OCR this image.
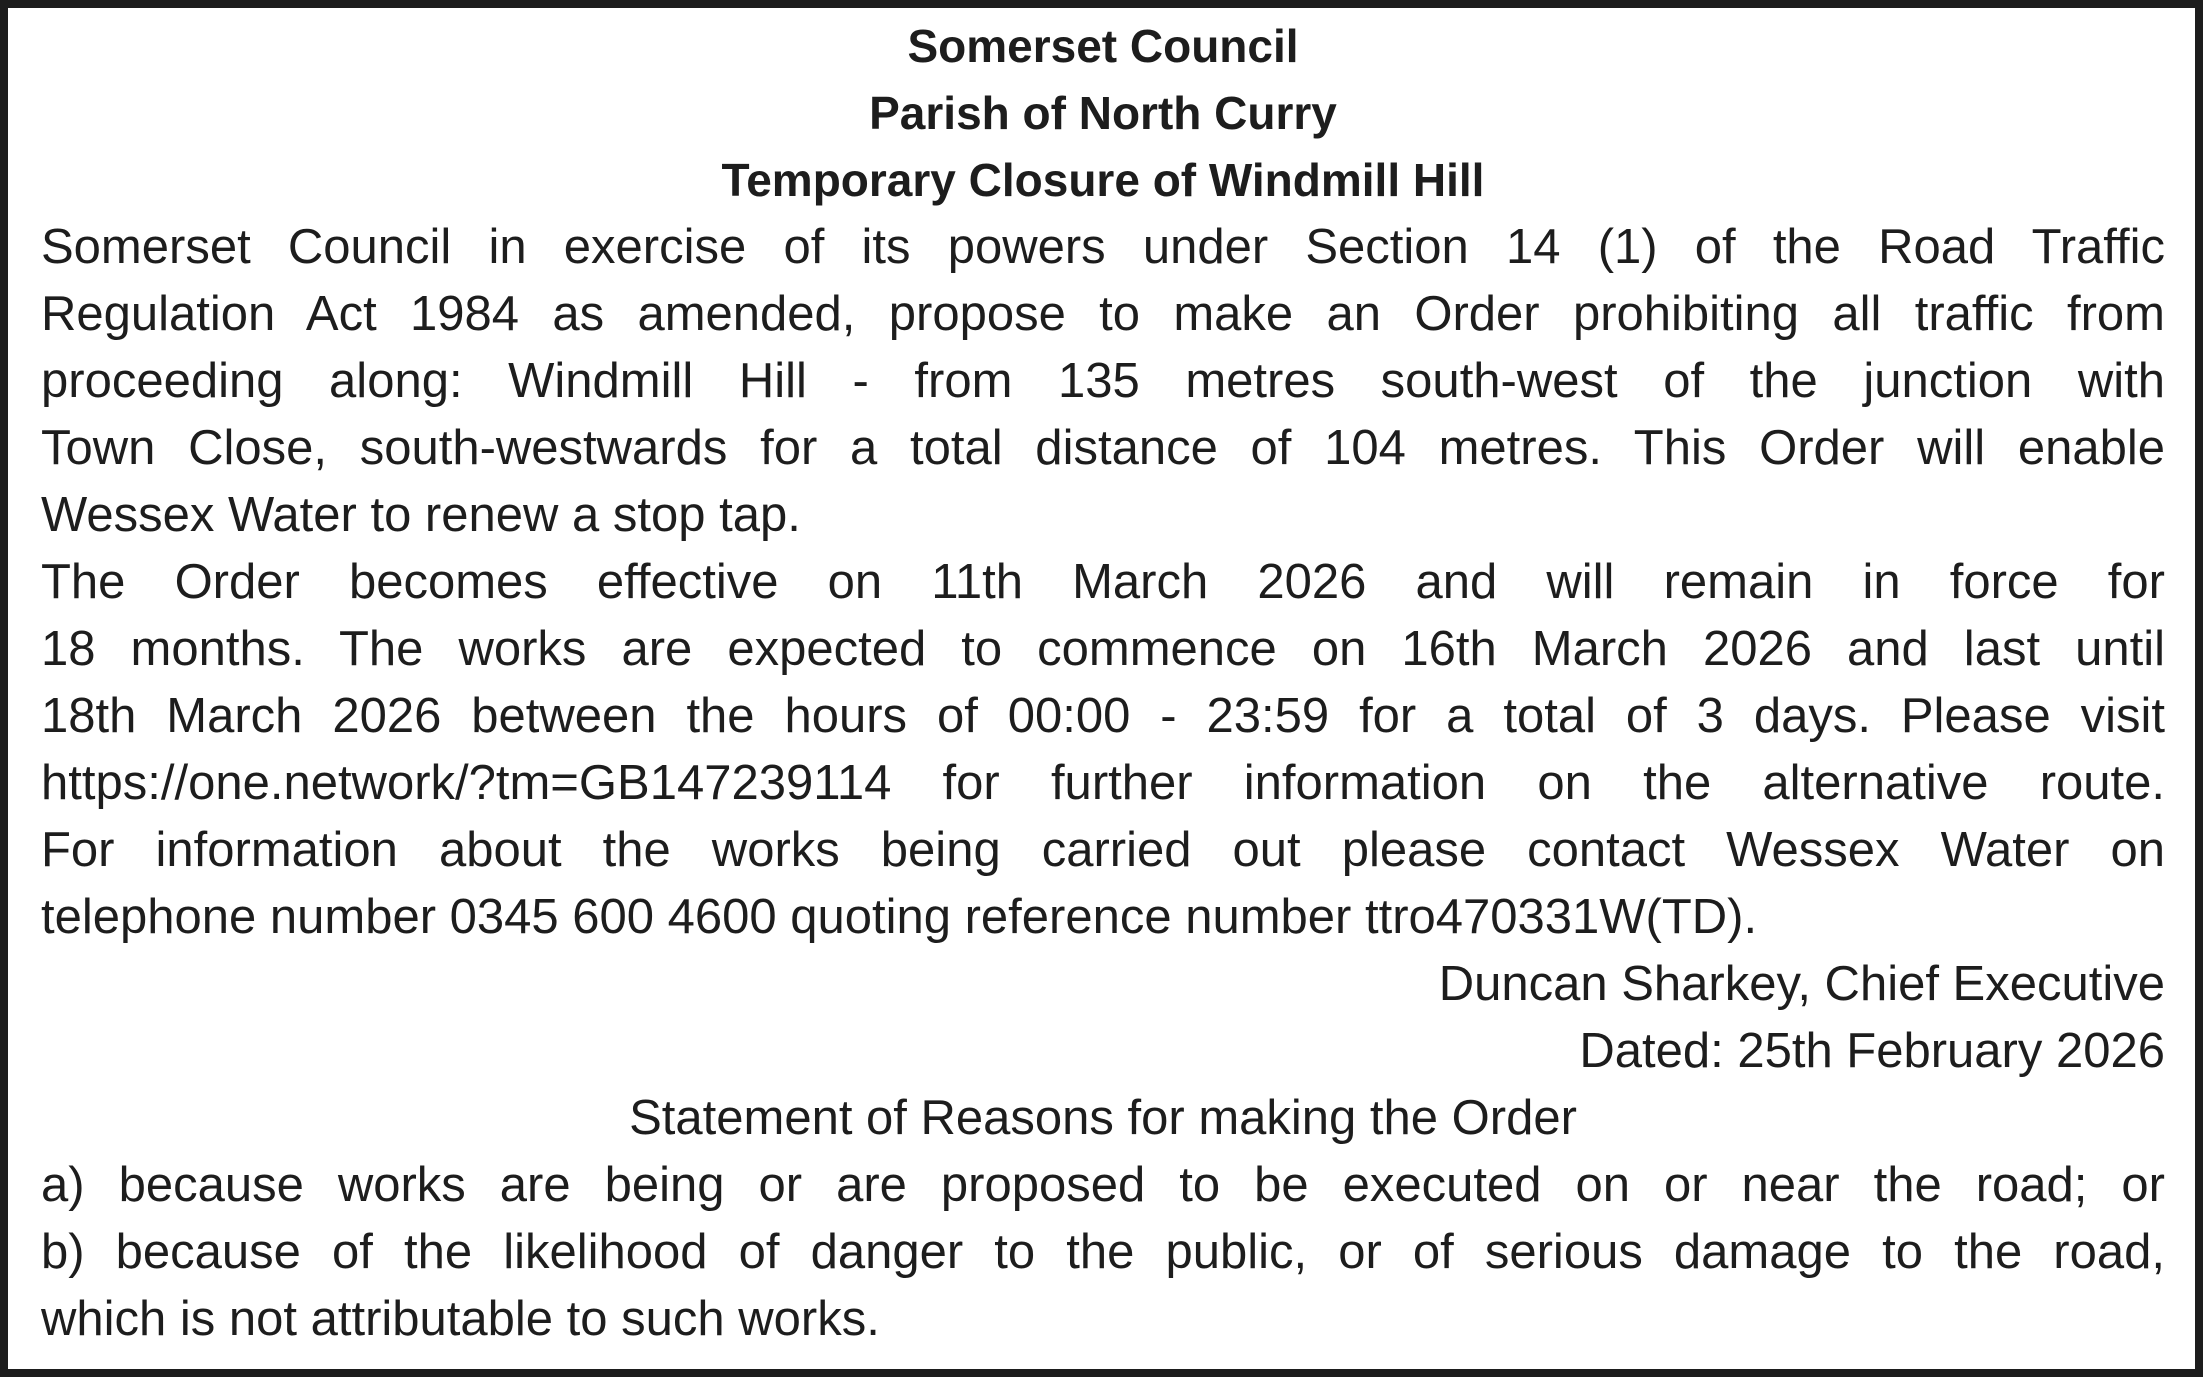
Somerset Council
Parish of North Curry
Temporary Closure of Windmill Hill
Somerset Council in exercise of its powers under Section 14 (1) of the Road Traffic
Regulation Act 1984 as amended, propose to make an Order prohibiting all traffic from
proceeding along: Windmill Hill - from 135 metres south-west of the junction with
Town Close, south-westwards for a total distance of 104 metres. This Order will enable
Wessex Water to renew a stop tap.
The Order becomes effective on 11th March 2026 and will remain in force for
18 months. The works are expected to commence on 16th March 2026 and last until
18th March 2026 between the hours of 00:00 - 23:59 for a total of 3 days. Please visit
https://one.network/?tm=GB147239114 for further information on the alternative route.
For information about the works being carried out please contact Wessex Water on
telephone number 0345 600 4600 quoting reference number ttro470331W(TD).
Duncan Sharkey, Chief Executive
Dated: 25th February 2026
Statement of Reasons for making the Order
a) because works are being or are proposed to be executed on or near the road; or
b) because of the likelihood of danger to the public, or of serious damage to the road,
which is not attributable to such works.
